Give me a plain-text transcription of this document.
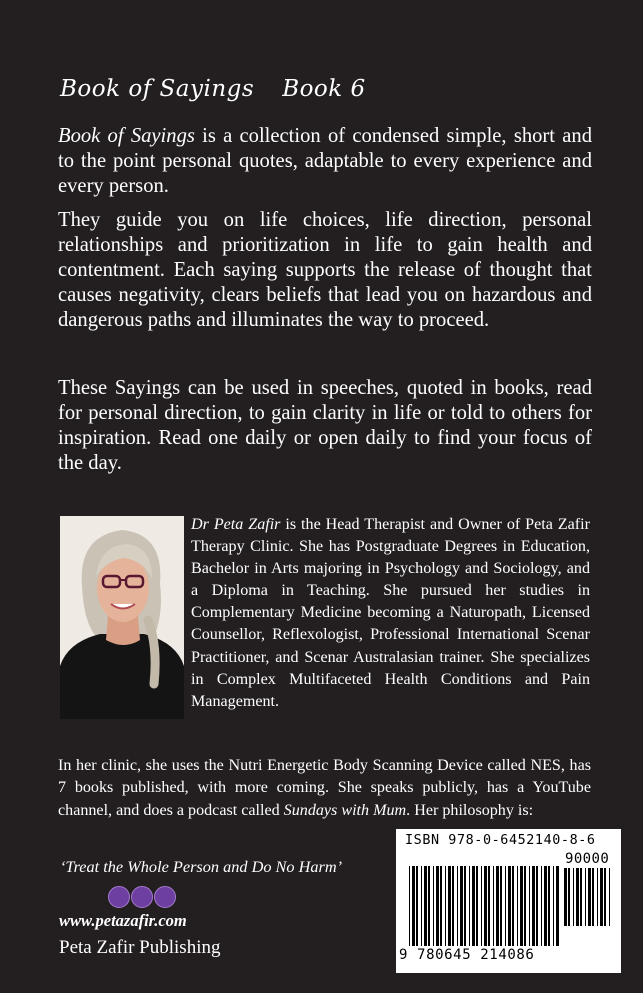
Book of Sayings Book 6

Book of Sayings is a collection of condensed simple, short and to the point personal quotes, adaptable to every experience and every person.

They guide you on life choices, life direction, personal relationships and prioritization in life to gain health and contentment. Each saying supports the release of thought that causes negativity, clears beliefs that lead you on hazardous and dangerous paths and illuminates the way to proceed.

These Sayings can be used in speeches, quoted in books, read for personal direction, to gain clarity in life or told to others for inspiration. Read one daily or open daily to find your focus of the day.

Dr Peta Zafir is the Head Therapist and Owner of Peta Zafir Therapy Clinic. She has Postgraduate Degrees in Education, Bachelor in Arts majoring in Psychology and Sociology, and a Diploma in Teaching. She pursued her studies in Complementary Medicine becoming a Naturopath, Licensed Counsellor, Reflexologist, Professional International Scenar Practitioner, and Scenar Australasian trainer. She specializes in Complex Multifaceted Health Conditions and Pain Management.

In her clinic, she uses the Nutri Energetic Body Scanning Device called NES, has 7 books published, with more coming. She speaks publicly, has a YouTube channel, and does a podcast called Sundays with Mum. Her philosophy is:

‘Treat the Whole Person and Do No Harm’
www.petazafir.com
Peta Zafir Publishing
ISBN 978-0-6452140-8-6
90000
9 780645 214086
